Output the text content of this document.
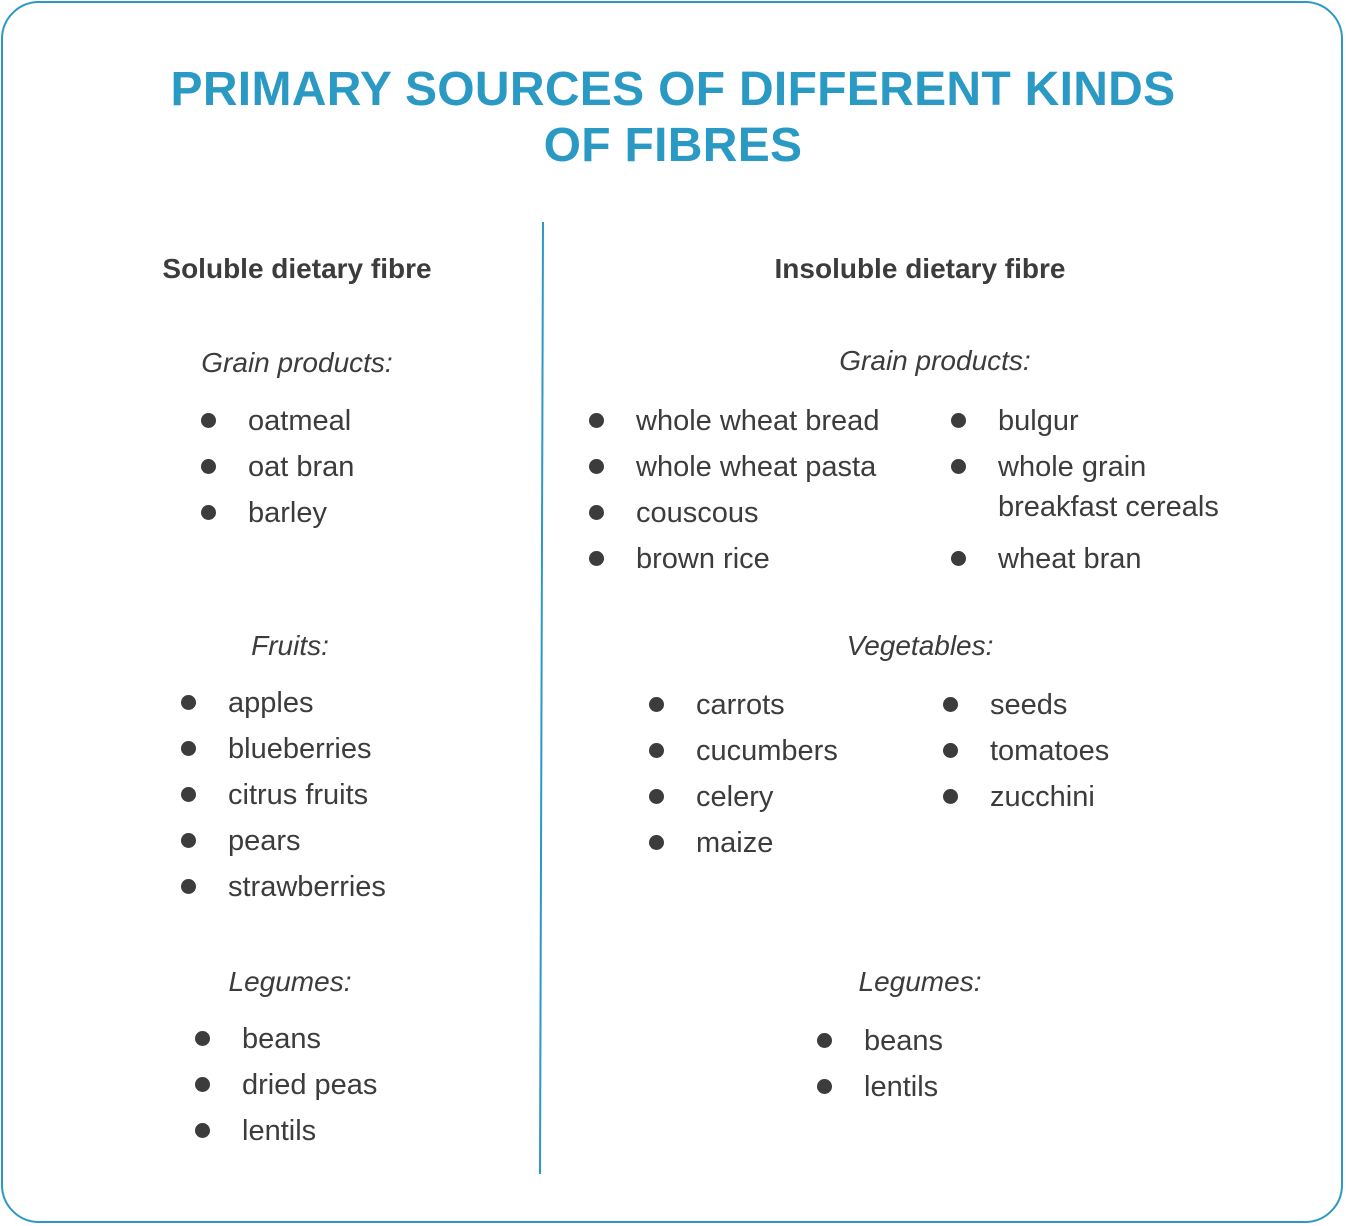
PRIMARY SOURCES OF DIFFERENT KINDS
OF FIBRES
Soluble dietary fibre
Grain products:
oatmeal
oat bran
barley
Fruits:
apples
blueberries
citrus fruits
pears
strawberries
Legumes:
beans
dried peas
lentils
Insoluble dietary fibre
Grain products:
whole wheat bread
whole wheat pasta
couscous
brown rice
bulgur
whole grain
breakfast cereals
wheat bran
Vegetables:
carrots
cucumbers
celery
maize
seeds
tomatoes
zucchini
Legumes:
beans
lentils
